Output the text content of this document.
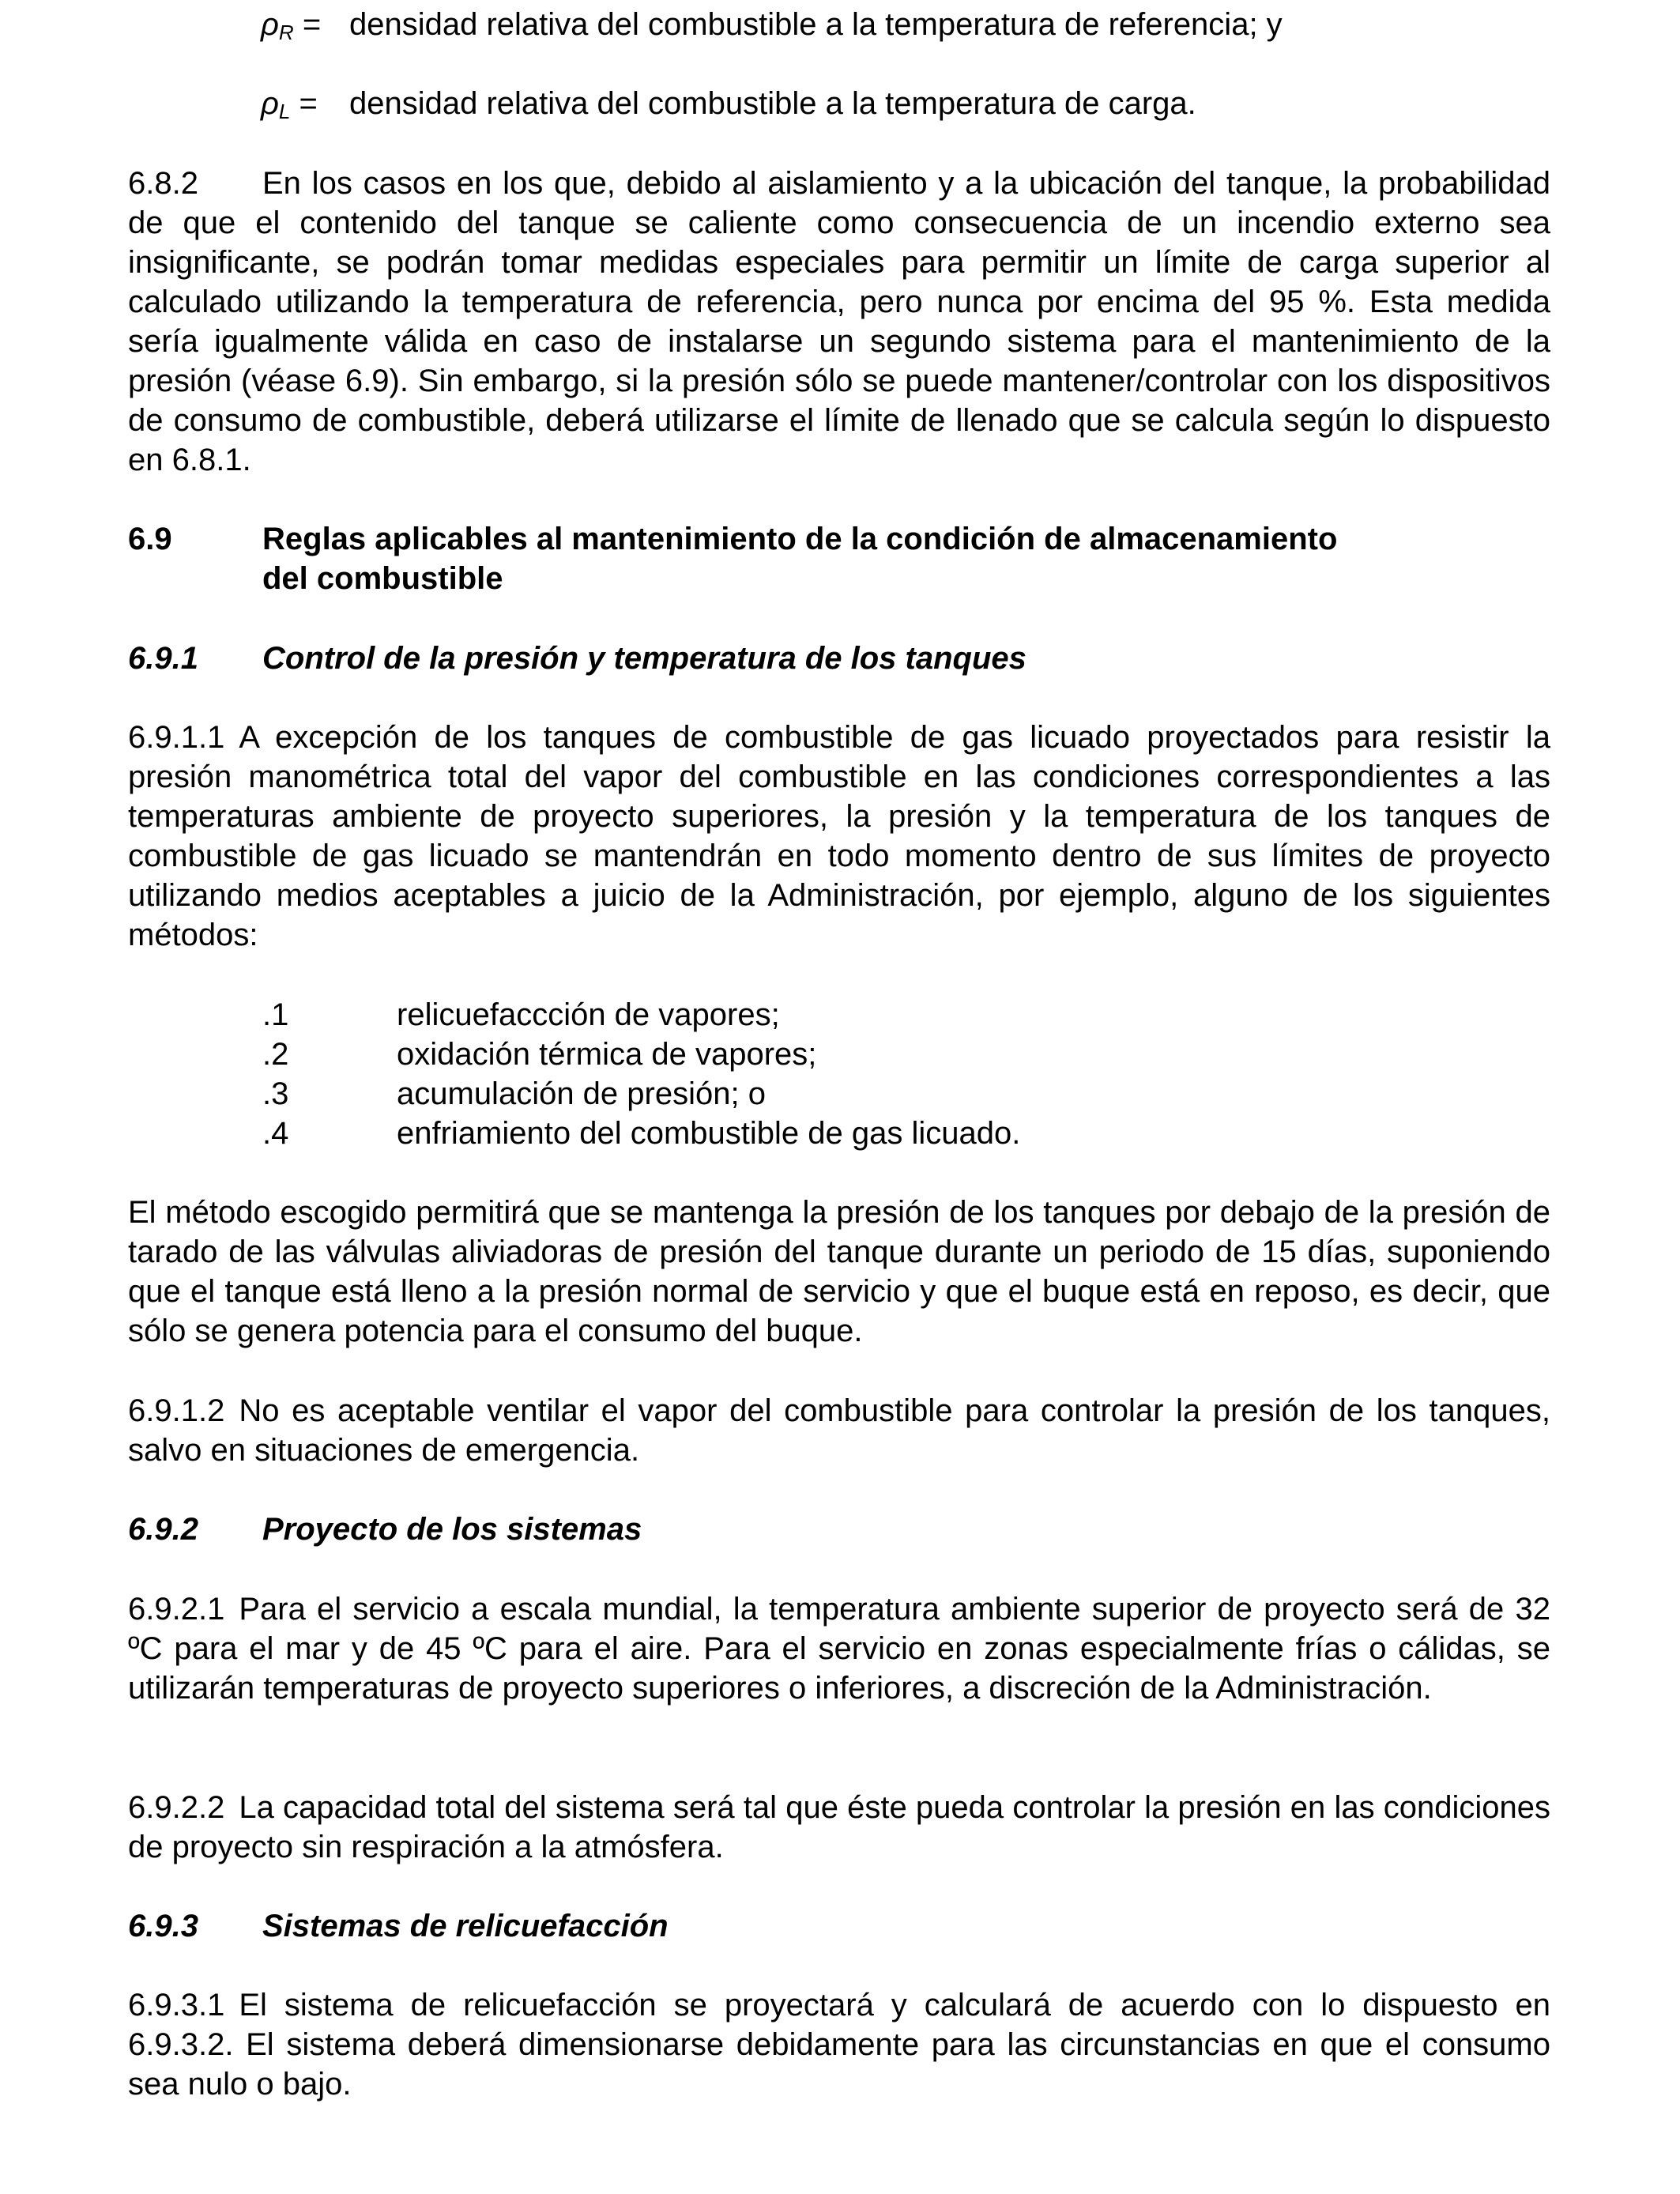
$\rho_R$ = densidad relativa del combustible a la temperatura de referencia; y
$\rho_L$ = densidad relativa del combustible a la temperatura de carga.

6.8.2 En los casos en los que, debido al aislamiento y a la ubicación del tanque, la probabilidad de que el contenido del tanque se caliente como consecuencia de un incendio externo sea insignificante, se podrán tomar medidas especiales para permitir un límite de carga superior al calculado utilizando la temperatura de referencia, pero nunca por encima del 95 %. Esta medida sería igualmente válida en caso de instalarse un segundo sistema para el mantenimiento de la presión (véase 6.9). Sin embargo, si la presión sólo se puede mantener/controlar con los dispositivos de consumo de combustible, deberá utilizarse el límite de llenado que se calcula según lo dispuesto en 6.8.1.

6.9	Reglas aplicables al mantenimiento de la condición de almacenamiento
del combustible
6.9.1 Control de la presión y temperatura de los tanques

6.9.1.1 A excepción de los tanques de combustible de gas licuado proyectados para resistir la presión manométrica total del vapor del combustible en las condiciones correspondientes a las temperaturas ambiente de proyecto superiores, la presión y la temperatura de los tanques de combustible de gas licuado se mantendrán en todo momento dentro de sus límites de proyecto utilizando medios aceptables a juicio de la Administración, por ejemplo, alguno de los siguientes métodos:

.1	relicuefaccción de vapores;
.2	oxidación térmica de vapores;
.3	acumulación de presión; o
.4	enfriamiento del combustible de gas licuado.

El método escogido permitirá que se mantenga la presión de los tanques por debajo de la presión de tarado de las válvulas aliviadoras de presión del tanque durante un periodo de 15 días, suponiendo que el tanque está lleno a la presión normal de servicio y que el buque está en reposo, es decir, que sólo se genera potencia para el consumo del buque.

6.9.1.2 No es aceptable ventilar el vapor del combustible para controlar la presión de los tanques, salvo en situaciones de emergencia.

6.9.2 Proyecto de los sistemas

6.9.2.1 Para el servicio a escala mundial, la temperatura ambiente superior de proyecto será de 32 ºC para el mar y de 45 ºC para el aire. Para el servicio en zonas especialmente frías o cálidas, se utilizarán temperaturas de proyecto superiores o inferiores, a discreción de la Administración.

6.9.2.2 La capacidad total del sistema será tal que éste pueda controlar la presión en las condiciones de proyecto sin respiración a la atmósfera.

6.9.3 Sistemas de relicuefacción

6.9.3.1 El sistema de relicuefacción se proyectará y calculará de acuerdo con lo dispuesto en 6.9.3.2. El sistema deberá dimensionarse debidamente para las circunstancias en que el consumo sea nulo o bajo.
